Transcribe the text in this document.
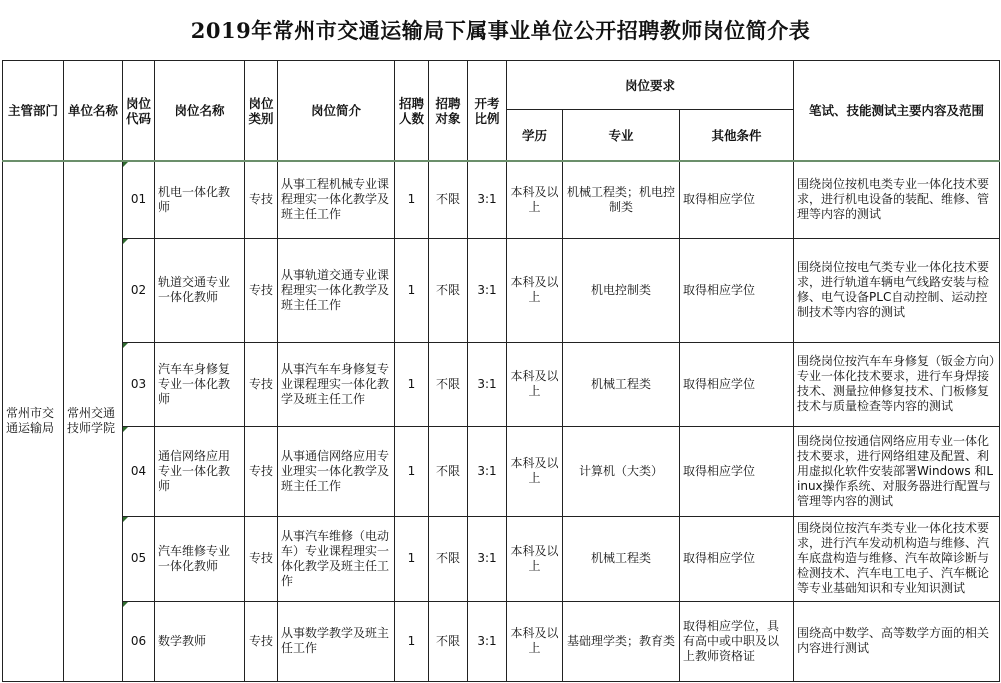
2019年常州市交通运输局下属事业单位公开招聘教师岗位简介表
主管部门	单位名称	岗位代码	岗位名称	岗位类别	岗位简介	招聘人数	招聘对象	开考比例	岗位要求			笔试、技能测试主要内容及范围
									学历	专业	其他条件	
常州市交通运输局	常州交通技师学院	01	机电一体化教师	专技	从事工程机械专业课程理实一体化教学及班主任工作	1	不限	3:1	本科及以上	机械工程类；机电控制类	取得相应学位	围绕岗位按机电类专业一体化技术要求，进行机电设备的装配、维修、管理等内容的测试
		02	轨道交通专业一体化教师	专技	从事轨道交通专业课程理实一体化教学及班主任工作	1	不限	3:1	本科及以上	机电控制类	取得相应学位	围绕岗位按电气类专业一体化技术要求，进行轨道车辆电气线路安装与检修、电气设备PLC自动控制、运动控制技术等内容的测试
		03	汽车车身修复专业一体化教师	专技	从事汽车车身修复专业课程理实一体化教学及班主任工作	1	不限	3:1	本科及以上	机械工程类	取得相应学位	围绕岗位按汽车车身修复（钣金方向）专业一体化技术要求，进行车身焊接技术、测量拉伸修复技术、门板修复技术与质量检查等内容的测试
		04	通信网络应用专业一体化教师	专技	从事通信网络应用专业理实一体化教学及班主任工作	1	不限	3:1	本科及以上	计算机（大类）	取得相应学位	围绕岗位按通信网络应用专业一体化技术要求，进行网络组建及配置、利用虚拟化软件安装部署Windows 和Linux操作系统、对服务器进行配置与管理等内容的测试
		05	汽车维修专业一体化教师	专技	从事汽车维修（电动车）专业课程理实一体化教学及班主任工作	1	不限	3:1	本科及以上	机械工程类	取得相应学位	围绕岗位按汽车类专业一体化技术要求，进行汽车发动机构造与维修、汽车底盘构造与维修、汽车故障诊断与检测技术、汽车电工电子、汽车概论等专业基础知识和专业知识测试
		06	数学教师	专技	从事数学教学及班主任工作	1	不限	3:1	本科及以上	基础理学类；教育类	取得相应学位，具有高中或中职及以上教师资格证	围绕高中数学、高等数学方面的相关内容进行测试
